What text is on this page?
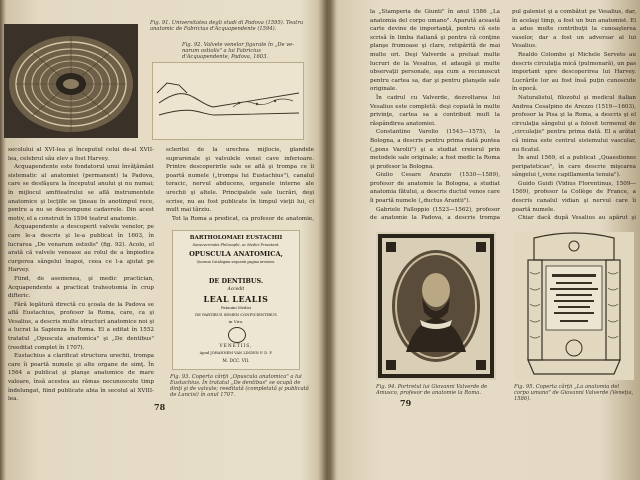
Fig. 91. Universitatea degli studi di Padova (1595). Teatru anatomic de Fabricius d'Acquapendente (1594).
Fig. 92. Valvele venelor figurate în „De ve- narum ostiolis" a lui Fabricius d'Acquapendente, Padova, 1603.

secolului al XVI-lea şi începutul celui de-al XVII-lea, celebrul său elev a fost Harvey.

Acquapendente este fondatorul unui învăţământ sistematic al anatomiei (permanent) la Padova, care se desfăşura la începutul anului şi nu numai; în mijlocul amfiteatrului se află instrumentele anatomice şi lecţiile se ţineau în anotimpul rece, pentru a nu se descompune cadavrele. Din acest motiv, el a construit în 1594 teatrul anatomic.

Acquapendente a descoperit valvele venelor, pe care le-a descris şi le-a publicat în 1603, în lucrarea „De venarum ostiolis" (fig. 92). Acolo, el arată că valvele venoase au rolul de a împiedica curgerea sângelui înapoi, ceea ce l-a ajutat pe Harvey.

Fiind, de asemenea, şi medic practician, Acquapendente a practicat traheotomia în crup difteric.

Fără legătură directă cu şcoala de la Padova se află Eustachius, profesor la Roma, care, ca şi Vesalius, a descris multe structuri anatomice noi şi a lucrat la Sapienza în Roma. El a editat în 1552 tratatul „Opuscula anatomica" şi „De dentibus" (reeditat complet în 1707).

Eustachius a clarificat structura urechii, trompa care îi poartă numele şi alte organe de simţ. În 1564 a publicat şi planşe anatomice de mare valoare, însă acestea au rămas necunoscute timp îndelungat, fiind publicate abia în secolul al XVIII-lea.

scleritei de la urechea mijlocie, glandele suprarenale şi valvulele venei cave inferioare. Printre descoperirile sale se află şi trompa ce îi poartă numele („trompa lui Eustachius"), canalul toracic, nervul abducens, organele interne ale urechii şi altele. Principalele sale lucrări, deşi scrise, nu au fost publicate în timpul vieţii lui, ci mult mai târziu.

Tot la Roma a predicat, ca profesor de anatomie,

BARTHOLOMAEI EUSTACHII
Sanseverinatis Philosophi, ac Medici Praestant.
OPUSCULA ANATOMICA,
Quorum Catalogum sequenti pagina invenies.
DE DENTIBUS.
Accedit
LEAL LEALIS
Patauini Medici
DE PARTIBUS SEMEN CONFICIENTIBUS
in Viro.
VENETIIS,
Apud JOHANNEM VAN LINDEN F. D. F.
M. DCC. VII.
Fig. 93. Coperta cărţii „Opuscula anatomica" a lui Eustachius. În tratatul „De dentibus" se ocupă de dinţi şi de valvule; reeditată (completată şi publicată de Lancisi) în anul 1707.
78

la „Stamperia de Giunti" în anul 1586 „La anatomia del corpo umano". Aparută această carte devine de importanţă, pentru că este scrisă în limba italiană şi pentru că conţine planşe frumoase şi clare, retipărită de mai multe ori. Deşi Valverde a preluat multe lucruri de la Vesalius, el adaugă şi multe observaţii personale, aşa cum a recunoscut pentru cartea sa, dar şi pentru planşele sale originale.

În cadrul cu Valverde, dezvoltarea lui Vesalius este completă: deşi copiată în multe privinţe, cartea sa a contribuit mult la răspândirea anatomiei.

Constantino Varolio (1543—1575), la Bologna, a descris pentru prima dată puntea („pons Varolii") şi a studiat creierul prin metodele sale originale; a fost medic la Roma şi profesor la Bologna.

Giulio Cesare Aranzio (1530—1589), profesor de anatomie la Bologna, a studiat anatomia fătului, a descris ductul venos care îi poartă numele („ductus Arantii").

Gabriele Falloppio (1523—1562), profesor de anatomie la Padova, a descris trompa

pul galenist şi a combătut pe Vesalius, dar, în acelaşi timp, a fost un bun anatomist. El a adus multe contribuţii la cunoaşterea vaselor, dar a fost un adversar al lui Vesalius.

Realdo Colombo şi Michele Serveto au descris circulaţia mică (pulmonară), un pas important spre descoperirea lui Harvey. Lucrările lor au fost însă puţin cunoscute în epocă.

Naturalistul, filozoful şi medicul italian Andrea Cesalpino de Arezzo (1519—1603), profesor la Pisa şi la Roma, a descris şi el circulaţia sângelui şi a folosit termenul de „circulaţie" pentru prima dată. El a arătat că inima este centrul sistemului vascular, nu ficatul.

În anul 1569, el a publicat „Quaestiones peripateticae", în care descrie mişcarea sângelui („vene capillamenta tenuia").

Guido Guidi (Vidius Florentinus, 1509—1569), profesor la Collège de France, a descris canalul vidian şi nervul care îi poartă numele.

Chiar dacă după Vesalius au apărut şi

Fig. 94. Portretul lui Giovanni Valverde de Amusco, profesor de anatomie la Roma.
Fig. 95. Coperta cărţii „La anatomia del corpo umano" de Giovanni Valverde (Veneţia, 1586).
79
